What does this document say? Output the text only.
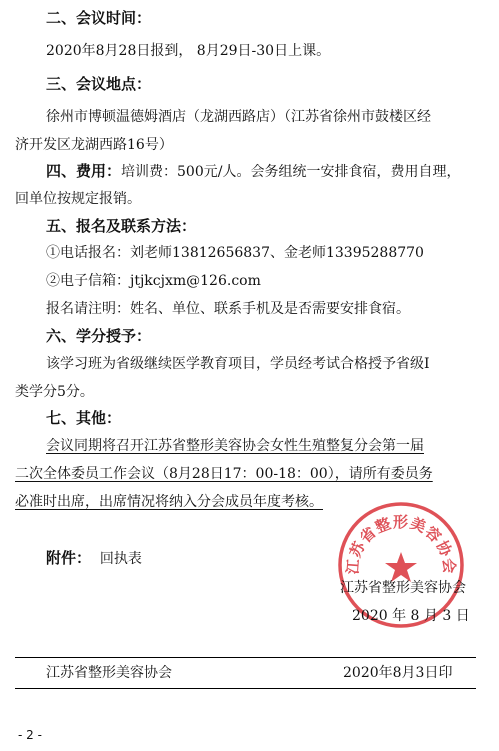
二、会议时间：
2020年8月28日报到， 8月29日-30日上课。
三、会议地点：
徐州市博顿温德姆酒店（龙湖西路店）（江苏省徐州市鼓楼区经
济开发区龙湖西路16号）
四、费用：培训费：500元/人。会务组统一安排食宿，费用自理，
回单位按规定报销。
五、报名及联系方法：
①电话报名：刘老师13812656837、金老师13395288770
②电子信箱：jtjkcjxm@126.com
报名请注明：姓名、单位、联系手机及是否需要安排食宿。
六、学分授予：
该学习班为省级继续医学教育项目，学员经考试合格授予省级I
类学分5分。
七、其他：
会议同期将召开江苏省整形美容协会女性生殖整复分会第一届
二次全体委员工作会议（8月28日17：00-18：00），请所有委员务
必准时出席，出席情况将纳入分会成员年度考核。
附件： 回执表	江苏省整形美容协会
江苏省整形美容协会
2020 年 8 月 3 日
江苏省整形美容协会	2020年8月3日印
- 2 -
